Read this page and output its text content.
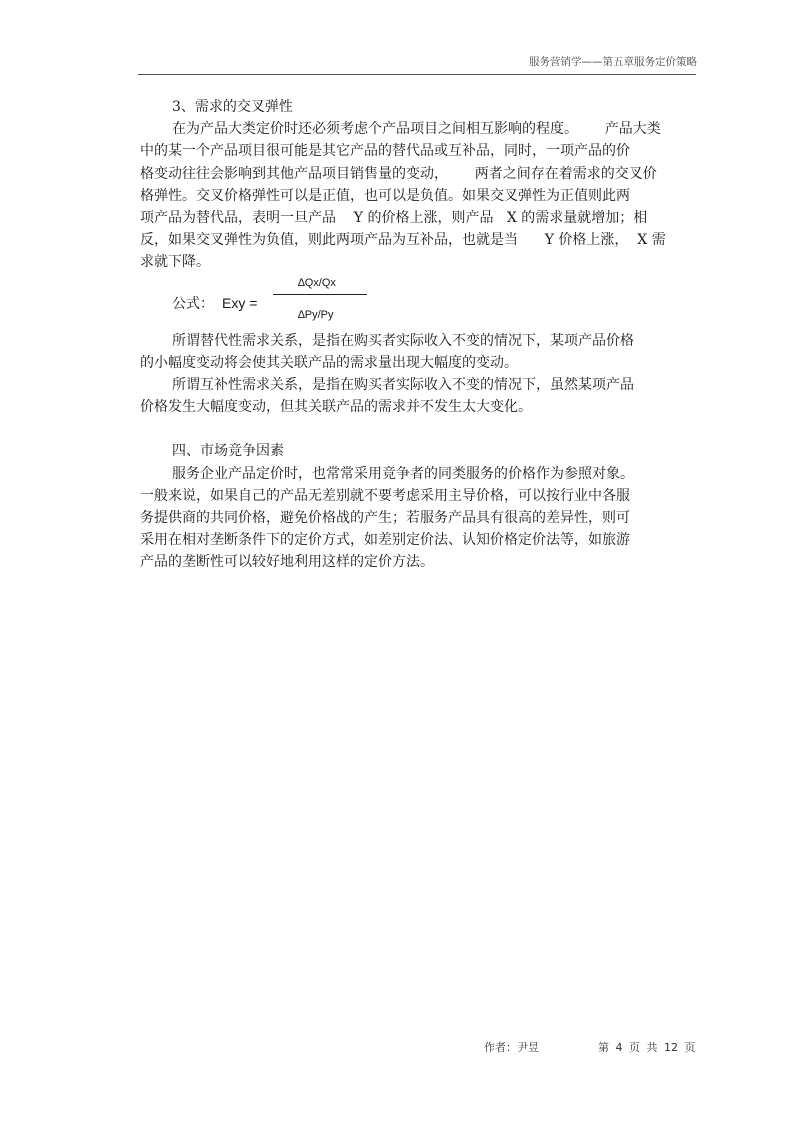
服务营销学——第五章服务定价策略

3、需求的交叉弹性

在为产品大类定价时还必须考虑个产品项目之间相互影响的程度。      产品大类

中的某一个产品项目很可能是其它产品的替代品或互补品，同时，一项产品的价

格变动往往会影响到其他产品项目销售量的变动，      两者之间存在着需求的交叉价

格弹性。交叉价格弹性可以是正值，也可以是负值。如果交叉弹性为正值则此两

项产品为替代品，表明一旦产品    Y 的价格上涨，则产品   X 的需求量就增加；相

反，如果交叉弹性为负值，则此两项产品为互补品，也就是当      Y 价格上涨，  X 需

求就下降。

公式： Exy =
∆Qx/Qx
∆Py/Py

所谓替代性需求关系，是指在购买者实际收入不变的情况下，某项产品价格

的小幅度变动将会使其关联产品的需求量出现大幅度的变动。

所谓互补性需求关系，是指在购买者实际收入不变的情况下，虽然某项产品

价格发生大幅度变动，但其关联产品的需求并不发生太大变化。

四、市场竞争因素

服务企业产品定价时，也常常采用竞争者的同类服务的价格作为参照对象。

一般来说，如果自己的产品无差别就不要考虑采用主导价格，可以按行业中各服

务提供商的共同价格，避免价格战的产生；若服务产品具有很高的差异性，则可

采用在相对垄断条件下的定价方式，如差别定价法、认知价格定价法等，如旅游

产品的垄断性可以较好地利用这样的定价方法。

作者：尹昱	第 4 页 共 12 页
